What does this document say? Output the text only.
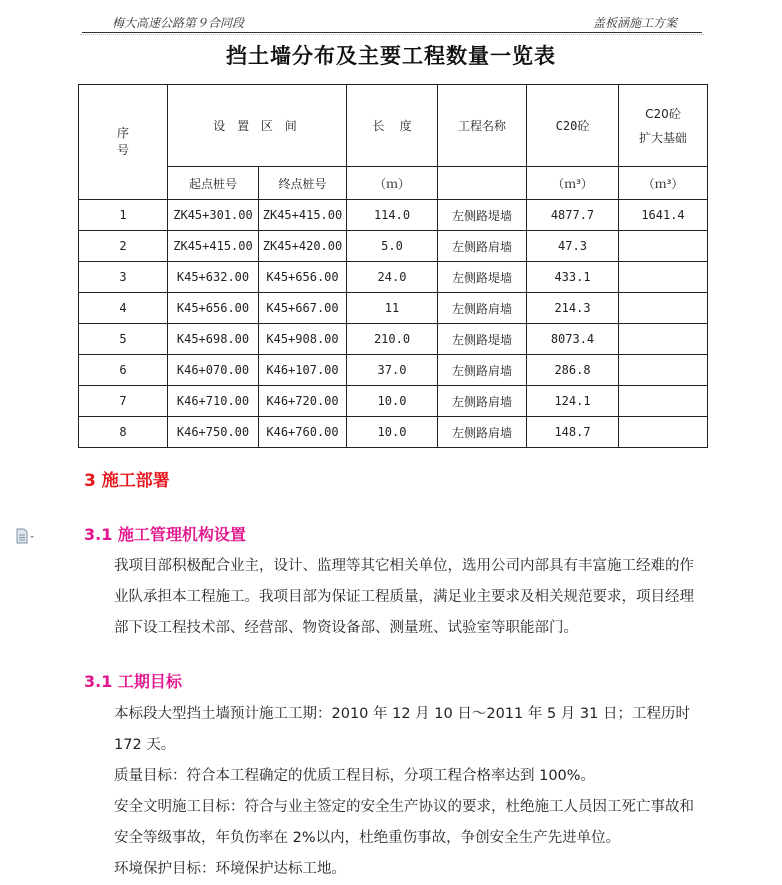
梅大高速公路第９合同段	盖板涵施工方案
挡土墙分布及主要工程数量一览表
序
号	设 置 区 间		长    度	工程名称	C20砼	C20砼
扩大基础
	起点桩号	终点桩号	（ｍ）		（ｍ³）	（ｍ³）
1	ZK45+301.00	ZK45+415.00	114.0	左侧路堤墙	4877.7	1641.4
2	ZK45+415.00	ZK45+420.00	5.0	左侧路肩墙	47.3	
3	K45+632.00	K45+656.00	24.0	左侧路堤墙	433.1	
4	K45+656.00	K45+667.00	11	左侧路肩墙	214.3	
5	K45+698.00	K45+908.00	210.0	左侧路堤墙	8073.4	
6	K46+070.00	K46+107.00	37.0	左侧路肩墙	286.8	
7	K46+710.00	K46+720.00	10.0	左侧路肩墙	124.1	
8	K46+750.00	K46+760.00	10.0	左侧路肩墙	148.7	
3 施工部署
3.1 施工管理机构设置
我项目部积极配合业主，设计、监理等其它相关单位，选用公司内部具有丰富施工经难的作业队承担本工程施工。我项目部为保证工程质量，满足业主要求及相关规范要求，项目经理部下设工程技术部、经营部、物资设备部、测量班、试验室等职能部门。
3.1 工期目标
本标段大型挡土墙预计施工工期：2010 年 12 月 10 日～2011 年 5 月 31 日；工程历时172 天。
质量目标：符合本工程确定的优质工程目标，分项工程合格率达到 100%。
安全文明施工目标：符合与业主签定的安全生产协议的要求，杜绝施工人员因工死亡事故和安全等级事故，年负伤率在 2%以内，杜绝重伤事故，争创安全生产先进单位。
环境保护目标：环境保护达标工地。
